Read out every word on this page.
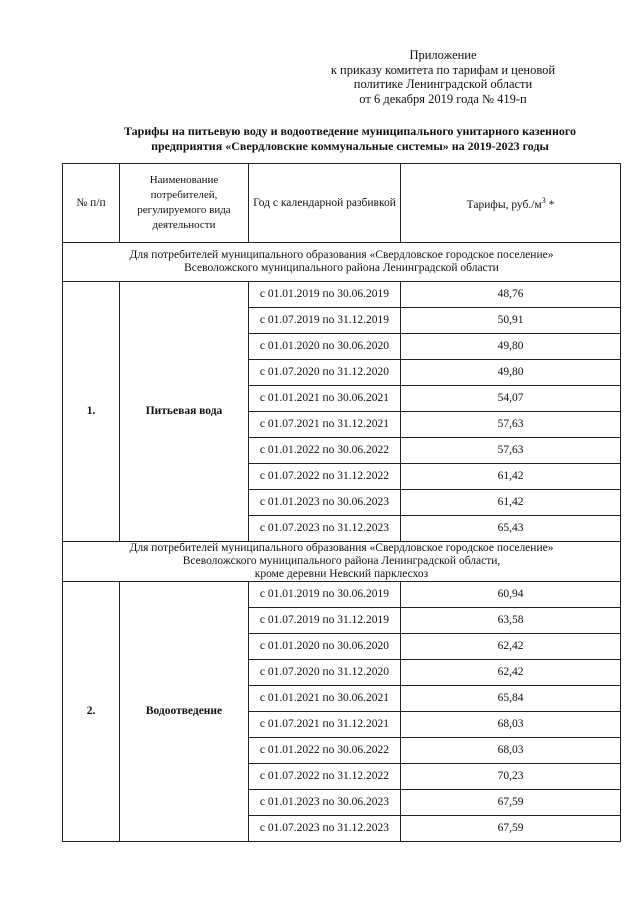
Приложение
к приказу комитета по тарифам и ценовой
политике Ленинградской области
от 6 декабря 2019 года № 419-п
Тарифы на питьевую воду и водоотведение муниципального унитарного казенного
предприятия «Свердловские коммунальные системы» на 2019-2023 годы
№ п/п	Наименование потребителей, регулируемого вида деятельности	Год с календарной разбивкой	Тарифы, $руб./м^3$ *

Для потребителей муниципального образования «Свердловское городское поселение»
Всеволожского муниципального района Ленинградской области			

1.	Питьевая вода	с 01.01.2019 по 30.06.2019	48,76
		с 01.07.2019 по 31.12.2019	50,91
		с 01.01.2020 по 30.06.2020	49,80
		с 01.07.2020 по 31.12.2020	49,80
		с 01.01.2021 по 30.06.2021	54,07
		с 01.07.2021 по 31.12.2021	57,63
		с 01.01.2022 по 30.06.2022	57,63
		с 01.07.2022 по 31.12.2022	61,42
		с 01.01.2023 по 30.06.2023	61,42
		с 01.07.2023 по 31.12.2023	65,43

Для потребителей муниципального образования «Свердловское городское поселение»
Всеволожского муниципального района Ленинградской области,
кроме деревни Невский парклесхоз			

2.	Водоотведение	с 01.01.2019 по 30.06.2019	60,94
		с 01.07.2019 по 31.12.2019	63,58
		с 01.01.2020 по 30.06.2020	62,42
		с 01.07.2020 по 31.12.2020	62,42
		с 01.01.2021 по 30.06.2021	65,84
		с 01.07.2021 по 31.12.2021	68,03
		с 01.01.2022 по 30.06.2022	68,03
		с 01.07.2022 по 31.12.2022	70,23
		с 01.01.2023 по 30.06.2023	67,59
		с 01.07.2023 по 31.12.2023	67,59
